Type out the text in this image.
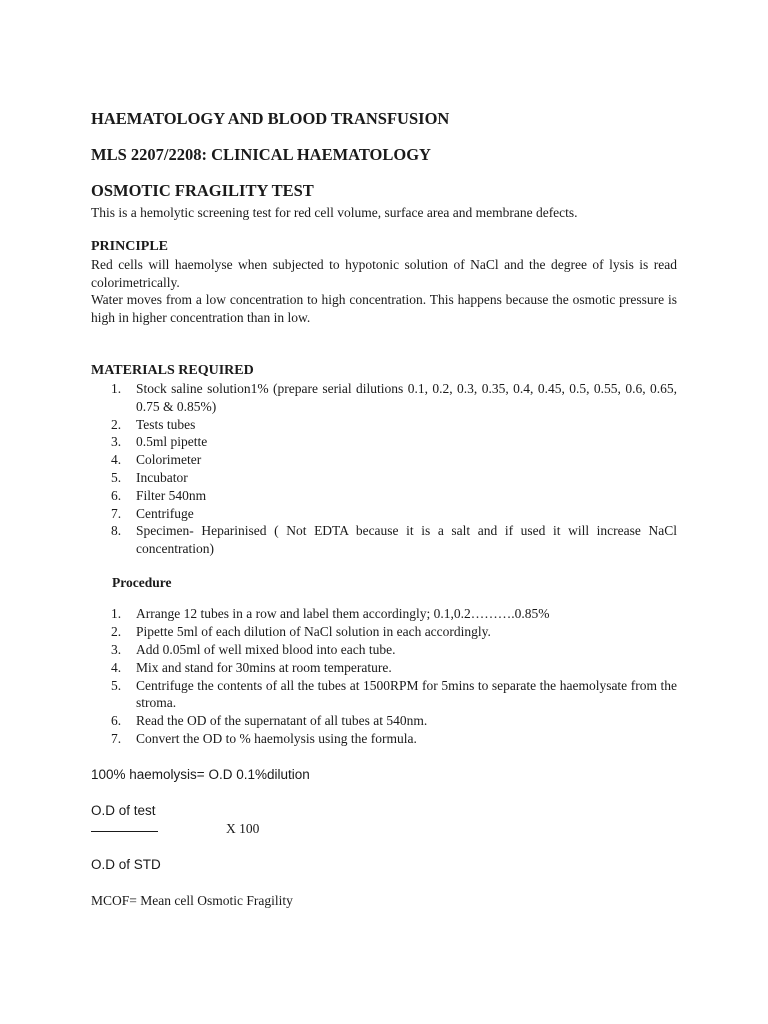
HAEMATOLOGY AND BLOOD TRANSFUSION

MLS 2207/2208: CLINICAL HAEMATOLOGY

OSMOTIC FRAGILITY TEST

This is a hemolytic screening test for red cell volume, surface area and membrane defects.

PRINCIPLE

Red cells will haemolyse when subjected to hypotonic solution of NaCl and the degree of lysis is read colorimetrically.

Water moves from a low concentration to high concentration. This happens because the osmotic pressure is high in higher concentration than in low.

MATERIALS REQUIRED

1. Stock saline solution1% (prepare serial dilutions 0.1, 0.2, 0.3, 0.35, 0.4, 0.45, 0.5, 0.55, 0.6, 0.65, 0.75 & 0.85%)
2. Tests tubes
3. 0.5ml pipette
4. Colorimeter
5. Incubator
6. Filter 540nm
7. Centrifuge
8. Specimen- Heparinised ( Not EDTA because it is a salt and if used it will increase NaCl concentration)

Procedure

1. Arrange 12 tubes in a row and label them accordingly; 0.1,0.2……….0.85%
2. Pipette 5ml of each dilution of NaCl solution in each accordingly.
3. Add 0.05ml of well mixed blood into each tube.
4. Mix and stand for 30mins at room temperature.
5. Centrifuge the contents of all the tubes at 1500RPM for 5mins to separate the haemolysate from the stroma.
6. Read the OD of the supernatant of all tubes at 540nm.
7. Convert the OD to % haemolysis using the formula.

100% haemolysis= O.D 0.1%dilution

O.D of test

X 100

O.D of STD

MCOF= Mean cell Osmotic Fragility
